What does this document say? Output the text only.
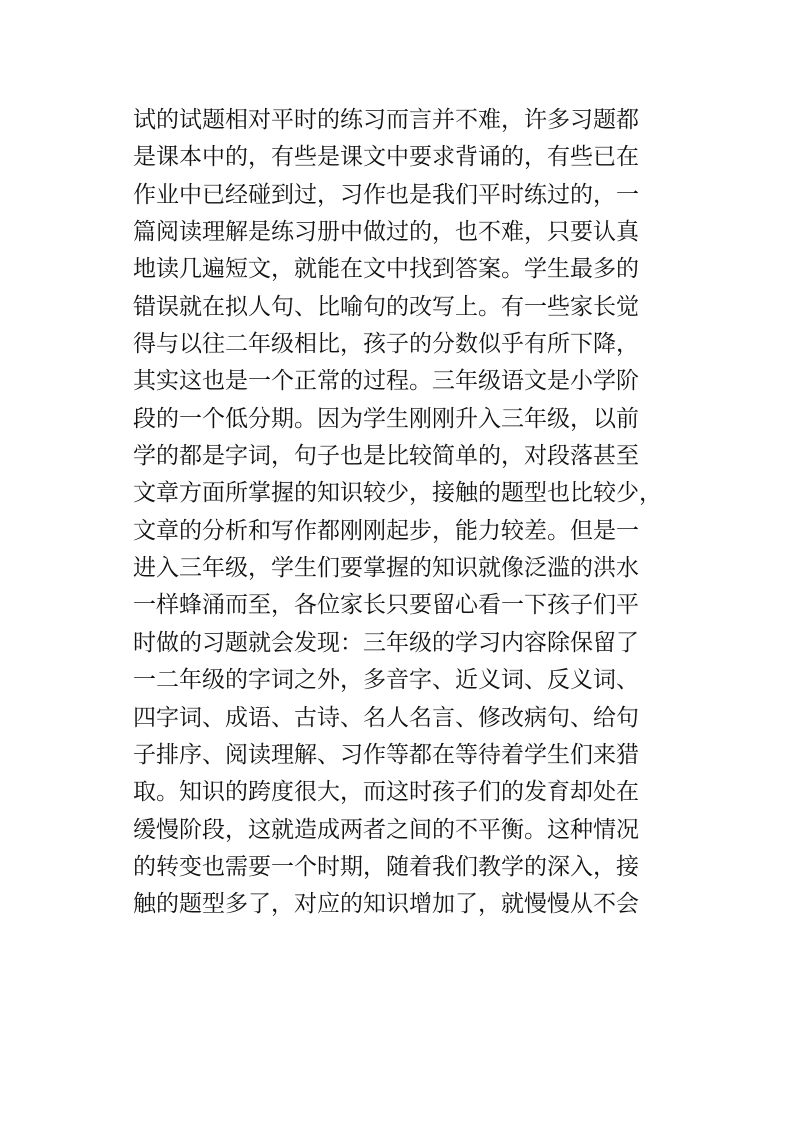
试的试题相对平时的练习而言并不难，许多习题都
是课本中的，有些是课文中要求背诵的，有些已在
作业中已经碰到过，习作也是我们平时练过的，一
篇阅读理解是练习册中做过的，也不难，只要认真
地读几遍短文，就能在文中找到答案。学生最多的
错误就在拟人句、比喻句的改写上。有一些家长觉
得与以往二年级相比，孩子的分数似乎有所下降，
其实这也是一个正常的过程。三年级语文是小学阶
段的一个低分期。因为学生刚刚升入三年级，以前
学的都是字词，句子也是比较简单的，对段落甚至
文章方面所掌握的知识较少，接触的题型也比较少，
文章的分析和写作都刚刚起步，能力较差。但是一
进入三年级，学生们要掌握的知识就像泛滥的洪水
一样蜂涌而至，各位家长只要留心看一下孩子们平
时做的习题就会发现：三年级的学习内容除保留了
一二年级的字词之外，多音字、近义词、反义词、
四字词、成语、古诗、名人名言、修改病句、给句
子排序、阅读理解、习作等都在等待着学生们来猎
取。知识的跨度很大，而这时孩子们的发育却处在
缓慢阶段，这就造成两者之间的不平衡。这种情况
的转变也需要一个时期，随着我们教学的深入，接
触的题型多了，对应的知识增加了，就慢慢从不会
